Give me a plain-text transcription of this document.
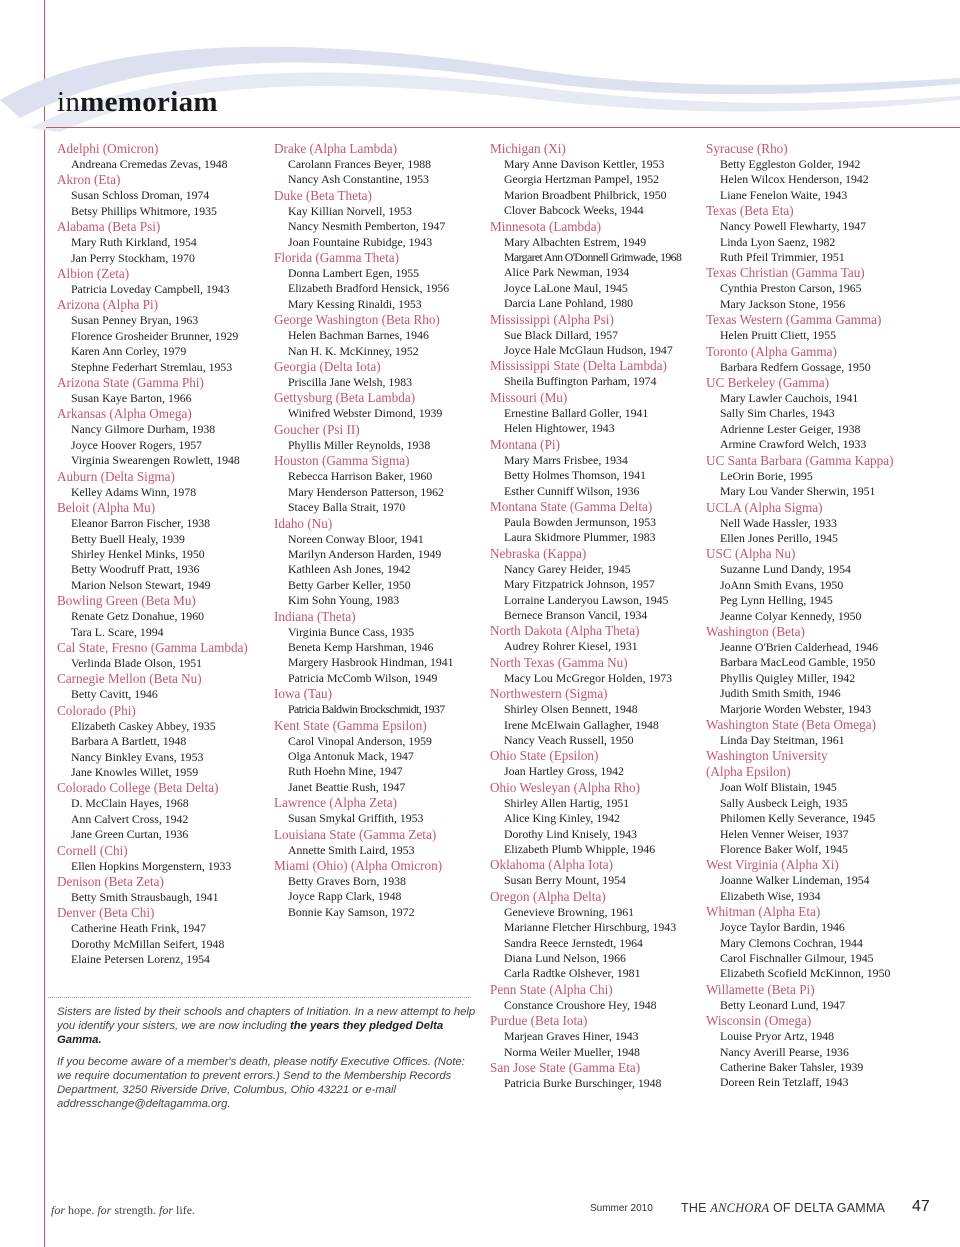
inmemoriam
Adelphi (Omicron)
Andreana Cremedas Zevas, 1948
Akron (Eta)
Susan Schloss Droman, 1974
Betsy Phillips Whitmore, 1935
Alabama (Beta Psi)
Mary Ruth Kirkland, 1954
Jan Perry Stockham, 1970
Albion (Zeta)
Patricia Loveday Campbell, 1943
Arizona (Alpha Pi)
Susan Penney Bryan, 1963
Florence Grosheider Brunner, 1929
Karen Ann Corley, 1979
Stephne Federhart Stremlau, 1953
Arizona State (Gamma Phi)
Susan Kaye Barton, 1966
Arkansas (Alpha Omega)
Nancy Gilmore Durham, 1938
Joyce Hoover Rogers, 1957
Virginia Swearengen Rowlett, 1948
Auburn (Delta Sigma)
Kelley Adams Winn, 1978
Beloit (Alpha Mu)
Eleanor Barron Fischer, 1938
Betty Buell Healy, 1939
Shirley Henkel Minks, 1950
Betty Woodruff Pratt, 1936
Marion Nelson Stewart, 1949
Bowling Green (Beta Mu)
Renate Getz Donahue, 1960
Tara L. Scare, 1994
Cal State, Fresno (Gamma Lambda)
Verlinda Blade Olson, 1951
Carnegie Mellon (Beta Nu)
Betty Cavitt, 1946
Colorado (Phi)
Elizabeth Caskey Abbey, 1935
Barbara A Bartlett, 1948
Nancy Binkley Evans, 1953
Jane Knowles Willet, 1959
Colorado College (Beta Delta)
D. McClain Hayes, 1968
Ann Calvert Cross, 1942
Jane Green Curtan, 1936
Cornell (Chi)
Ellen Hopkins Morgenstern, 1933
Denison (Beta Zeta)
Betty Smith Strausbaugh, 1941
Denver (Beta Chi)
Catherine Heath Frink, 1947
Dorothy McMillan Seifert, 1948
Elaine Petersen Lorenz, 1954
Drake (Alpha Lambda)
Carolann Frances Beyer, 1988
Nancy Ash Constantine, 1953
Duke (Beta Theta)
Kay Killian Norvell, 1953
Nancy Nesmith Pemberton, 1947
Joan Fountaine Rubidge, 1943
Florida (Gamma Theta)
Donna Lambert Egen, 1955
Elizabeth Bradford Hensick, 1956
Mary Kessing Rinaldi, 1953
George Washington (Beta Rho)
Helen Bachman Barnes, 1946
Nan H. K. McKinney, 1952
Georgia (Delta Iota)
Priscilla Jane Welsh, 1983
Gettysburg (Beta Lambda)
Winifred Webster Dimond, 1939
Goucher (Psi II)
Phyllis Miller Reynolds, 1938
Houston (Gamma Sigma)
Rebecca Harrison Baker, 1960
Mary Henderson Patterson, 1962
Stacey Balla Strait, 1970
Idaho (Nu)
Noreen Conway Bloor, 1941
Marilyn Anderson Harden, 1949
Kathleen Ash Jones, 1942
Betty Garber Keller, 1950
Kim Sohn Young, 1983
Indiana (Theta)
Virginia Bunce Cass, 1935
Beneta Kemp Harshman, 1946
Margery Hasbrook Hindman, 1941
Patricia McComb Wilson, 1949
Iowa (Tau)
Patricia Baldwin Brockschmidt, 1937
Kent State (Gamma Epsilon)
Carol Vinopal Anderson, 1959
Olga Antonuk Mack, 1947
Ruth Hoehn Mine, 1947
Janet Beattie Rush, 1947
Lawrence (Alpha Zeta)
Susan Smykal Griffith, 1953
Louisiana State (Gamma Zeta)
Annette Smith Laird, 1953
Miami (Ohio) (Alpha Omicron)
Betty Graves Born, 1938
Joyce Rapp Clark, 1948
Bonnie Kay Samson, 1972
Michigan (Xi)
Mary Anne Davison Kettler, 1953
Georgia Hertzman Pampel, 1952
Marion Broadbent Philbrick, 1950
Clover Babcock Weeks, 1944
Minnesota (Lambda)
Mary Albachten Estrem, 1949
Margaret Ann O'Donnell Grimwade, 1968
Alice Park Newman, 1934
Joyce LaLone Maul, 1945
Darcia Lane Pohland, 1980
Mississippi (Alpha Psi)
Sue Black Dillard, 1957
Joyce Hale McGlaun Hudson, 1947
Mississippi State (Delta Lambda)
Sheila Buffington Parham, 1974
Missouri (Mu)
Ernestine Ballard Goller, 1941
Helen Hightower, 1943
Montana (Pi)
Mary Marrs Frisbee, 1934
Betty Holmes Thomson, 1941
Esther Cunniff Wilson, 1936
Montana State (Gamma Delta)
Paula Bowden Jermunson, 1953
Laura Skidmore Plummer, 1983
Nebraska (Kappa)
Nancy Garey Heider, 1945
Mary Fitzpatrick Johnson, 1957
Lorraine Landeryou Lawson, 1945
Bernece Branson Vancil, 1934
North Dakota (Alpha Theta)
Audrey Rohrer Kiesel, 1931
North Texas (Gamma Nu)
Macy Lou McGregor Holden, 1973
Northwestern (Sigma)
Shirley Olsen Bennett, 1948
Irene McElwain Gallagher, 1948
Nancy Veach Russell, 1950
Ohio State (Epsilon)
Joan Hartley Gross, 1942
Ohio Wesleyan (Alpha Rho)
Shirley Allen Hartig, 1951
Alice King Kinley, 1942
Dorothy Lind Knisely, 1943
Elizabeth Plumb Whipple, 1946
Oklahoma (Alpha Iota)
Susan Berry Mount, 1954
Oregon (Alpha Delta)
Genevieve Browning, 1961
Marianne Fletcher Hirschburg, 1943
Sandra Reece Jernstedt, 1964
Diana Lund Nelson, 1966
Carla Radtke Olshever, 1981
Penn State (Alpha Chi)
Constance Croushore Hey, 1948
Purdue (Beta Iota)
Marjean Graves Hiner, 1943
Norma Weiler Mueller, 1948
San Jose State (Gamma Eta)
Patricia Burke Burschinger, 1948
Syracuse (Rho)
Betty Eggleston Golder, 1942
Helen Wilcox Henderson, 1942
Liane Fenelon Waite, 1943
Texas (Beta Eta)
Nancy Powell Flewharty, 1947
Linda Lyon Saenz, 1982
Ruth Pfeil Trimmier, 1951
Texas Christian (Gamma Tau)
Cynthia Preston Carson, 1965
Mary Jackson Stone, 1956
Texas Western (Gamma Gamma)
Helen Pruitt Cliett, 1955
Toronto (Alpha Gamma)
Barbara Redfern Gossage, 1950
UC Berkeley (Gamma)
Mary Lawler Cauchois, 1941
Sally Sim Charles, 1943
Adrienne Lester Geiger, 1938
Armine Crawford Welch, 1933
UC Santa Barbara (Gamma Kappa)
LeOrin Borie, 1995
Mary Lou Vander Sherwin, 1951
UCLA (Alpha Sigma)
Nell Wade Hassler, 1933
Ellen Jones Perillo, 1945
USC (Alpha Nu)
Suzanne Lund Dandy, 1954
JoAnn Smith Evans, 1950
Peg Lynn Helling, 1945
Jeanne Colyar Kennedy, 1950
Washington (Beta)
Jeanne O'Brien Calderhead, 1946
Barbara MacLeod Gamble, 1950
Phyllis Quigley Miller, 1942
Judith Smith Smith, 1946
Marjorie Worden Webster, 1943
Washington State (Beta Omega)
Linda Day Steitman, 1961
Washington University
(Alpha Epsilon)
Joan Wolf Blistain, 1945
Sally Ausbeck Leigh, 1935
Philomen Kelly Severance, 1945
Helen Venner Weiser, 1937
Florence Baker Wolf, 1945
West Virginia (Alpha Xi)
Joanne Walker Lindeman, 1954
Elizabeth Wise, 1934
Whitman (Alpha Eta)
Joyce Taylor Bardin, 1946
Mary Clemons Cochran, 1944
Carol Fischnaller Gilmour, 1945
Elizabeth Scofield McKinnon, 1950
Willamette (Beta Pi)
Betty Leonard Lund, 1947
Wisconsin (Omega)
Louise Pryor Artz, 1948
Nancy Averill Pearse, 1936
Catherine Baker Tahsler, 1939
Doreen Rein Tetzlaff, 1943

Sisters are listed by their schools and chapters of Initiation. In a new attempt to help you identify your sisters, we are now including the years they pledged Delta Gamma.

If you become aware of a member's death, please notify Executive Offices. (Note: we require documentation to prevent errors.) Send to the Membership Records Department, 3250 Riverside Drive, Columbus, Ohio 43221 or e-mail addresschange@deltagamma.org.

for hope. for strength. for life.	Summer 2010 THE ANCHORA OF DELTA GAMMA 47
